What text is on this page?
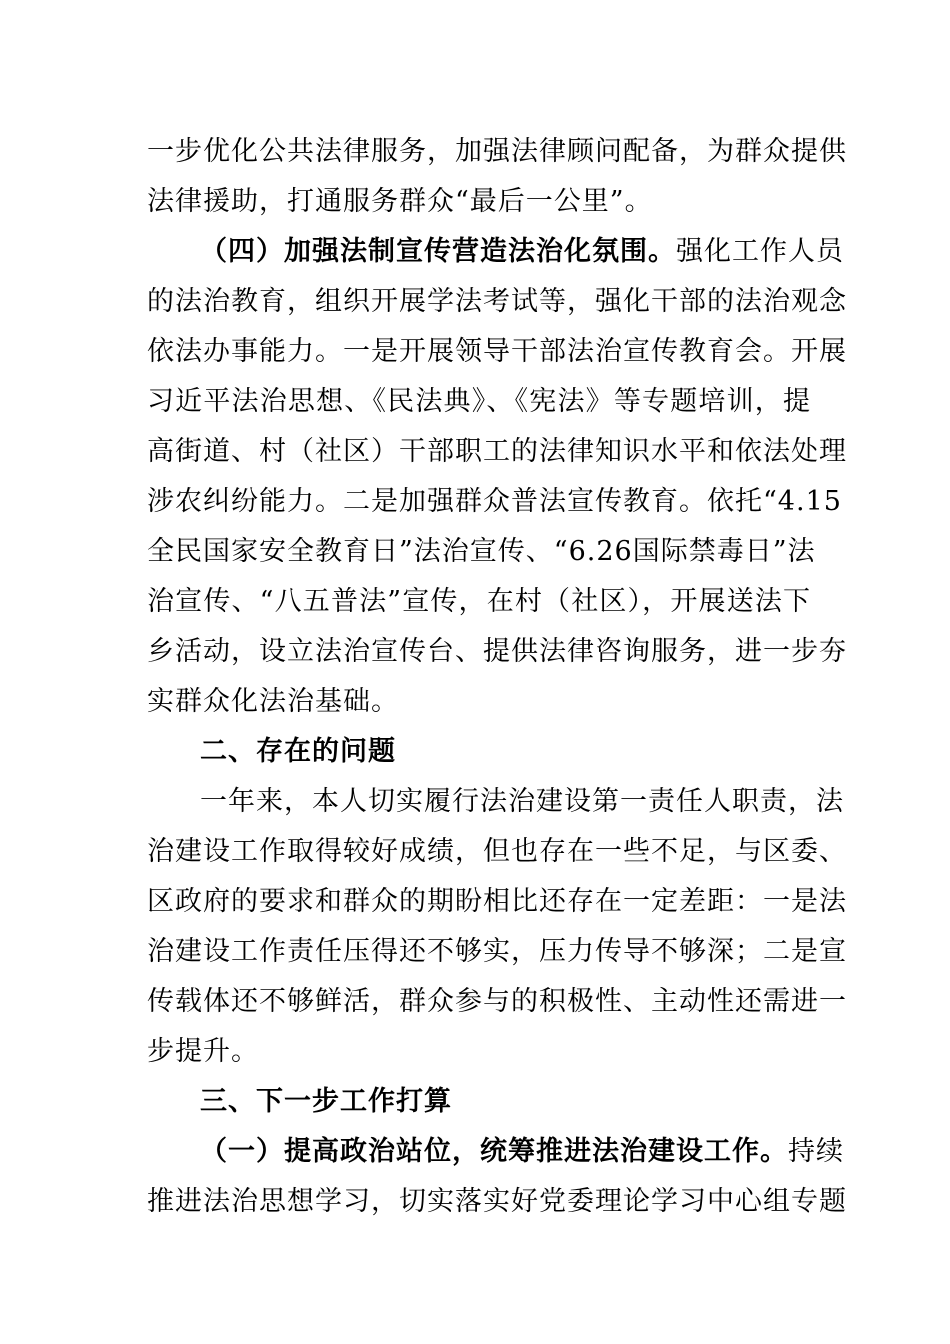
一步优化公共法律服务，加强法律顾问配备，为群众提供
法律援助，打通服务群众“最后一公里”。
（四）加强法制宣传营造法治化氛围。强化工作人员
的法治教育，组织开展学法考试等，强化干部的法治观念
依法办事能力。一是开展领导干部法治宣传教育会。开展
习近平法治思想、《民法典》、《宪法》等专题培训，提
高街道、村（社区）干部职工的法律知识水平和依法处理
涉农纠纷能力。二是加强群众普法宣传教育。依托“4.15
全民国家安全教育日”法治宣传、“6.26国际禁毒日”法
治宣传、“八五普法”宣传，在村（社区），开展送法下
乡活动，设立法治宣传台、提供法律咨询服务，进一步夯
实群众化法治基础。
二、存在的问题
一年来，本人切实履行法治建设第一责任人职责，法
治建设工作取得较好成绩，但也存在一些不足，与区委、
区政府的要求和群众的期盼相比还存在一定差距：一是法
治建设工作责任压得还不够实，压力传导不够深；二是宣
传载体还不够鲜活，群众参与的积极性、主动性还需进一
步提升。
三、下一步工作打算
（一）提高政治站位，统筹推进法治建设工作。持续
推进法治思想学习，切实落实好党委理论学习中心组专题
